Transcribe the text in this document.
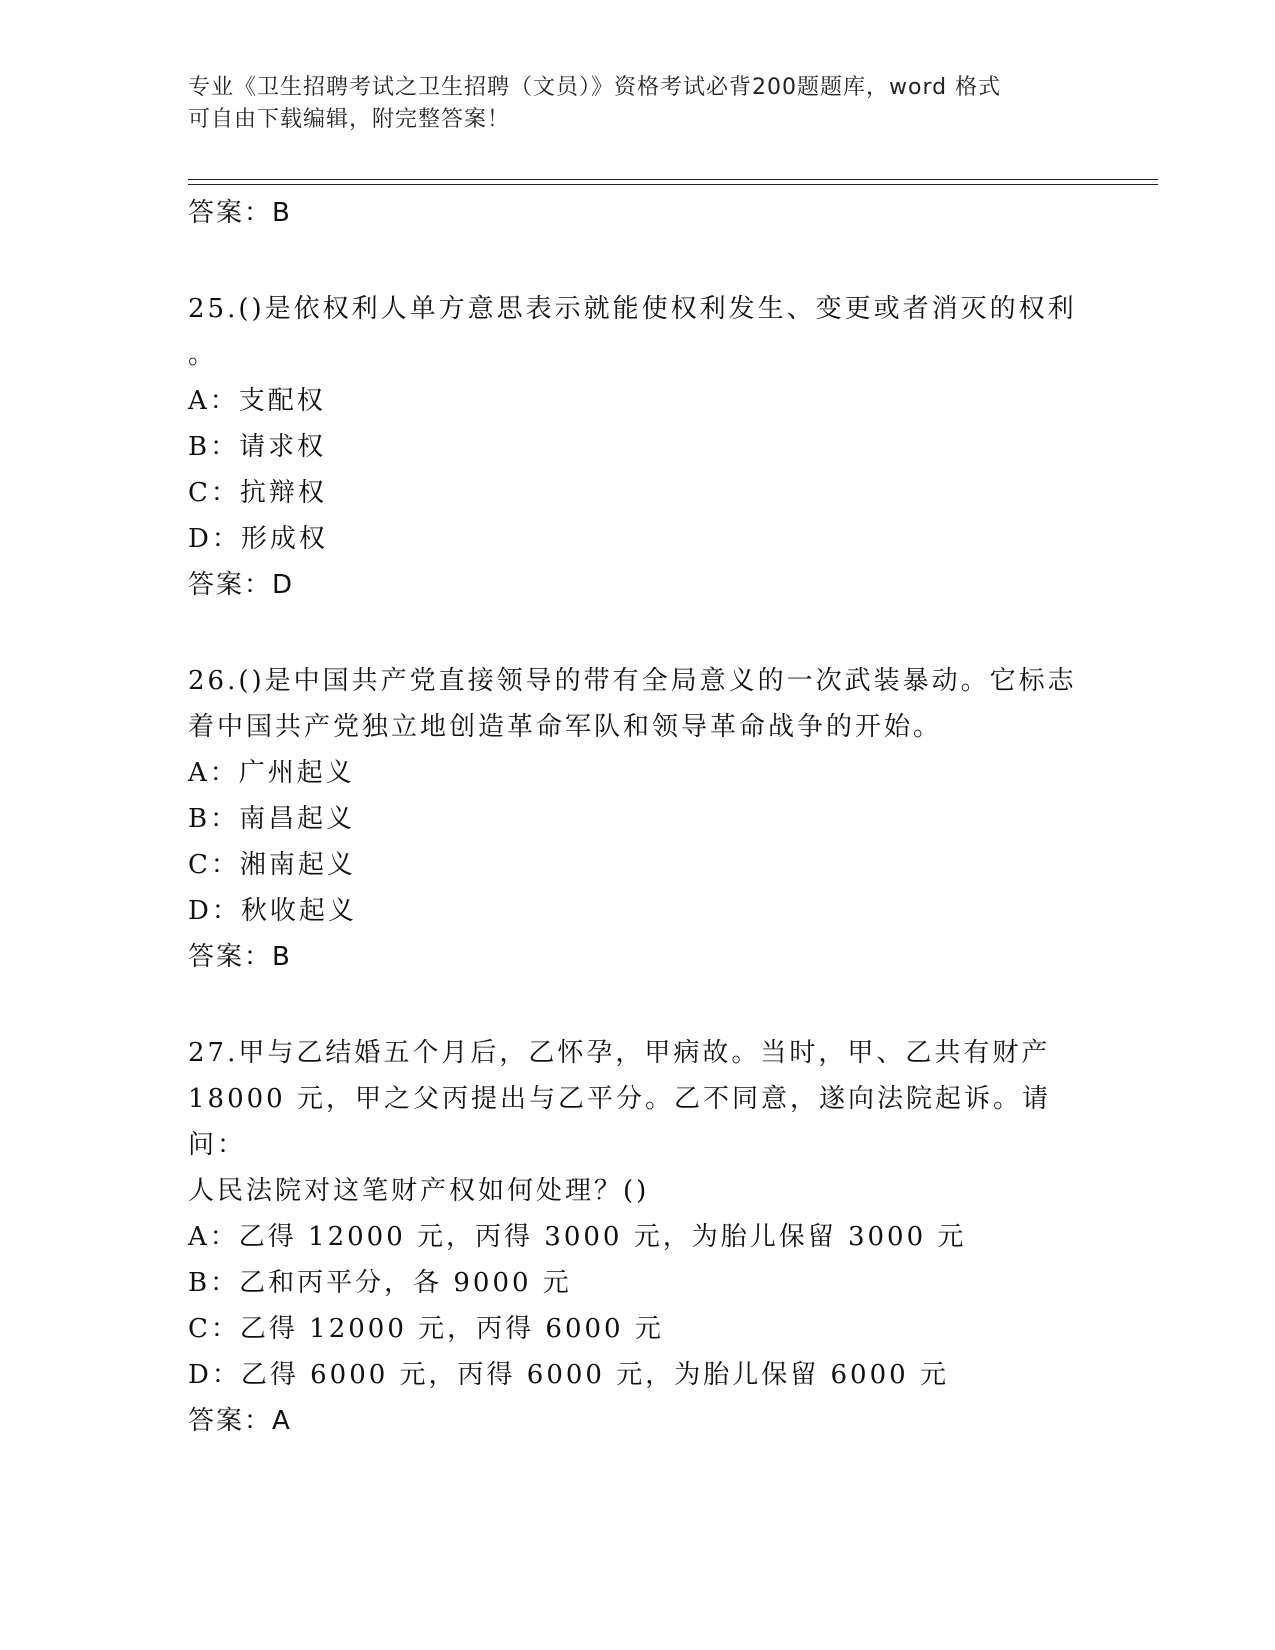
专业《卫生招聘考试之卫生招聘（文员）》资格考试必背200题题库，word 格式
可自由下载编辑，附完整答案！
答案：B
25.()是依权利人单方意思表示就能使权利发生、变更或者消灭的权利
。
A：支配权
B：请求权
C：抗辩权
D：形成权
答案：D
26.()是中国共产党直接领导的带有全局意义的一次武装暴动。它标志
着中国共产党独立地创造革命军队和领导革命战争的开始。
A：广州起义
B：南昌起义
C：湘南起义
D：秋收起义
答案：B
27.甲与乙结婚五个月后，乙怀孕，甲病故。当时，甲、乙共有财产
18000 元，甲之父丙提出与乙平分。乙不同意，遂向法院起诉。请问：
人民法院对这笔财产权如何处理？()
A：乙得 12000 元，丙得 3000 元，为胎儿保留 3000 元
B：乙和丙平分，各 9000 元
C：乙得 12000 元，丙得 6000 元
D：乙得 6000 元，丙得 6000 元，为胎儿保留 6000 元
答案：A
